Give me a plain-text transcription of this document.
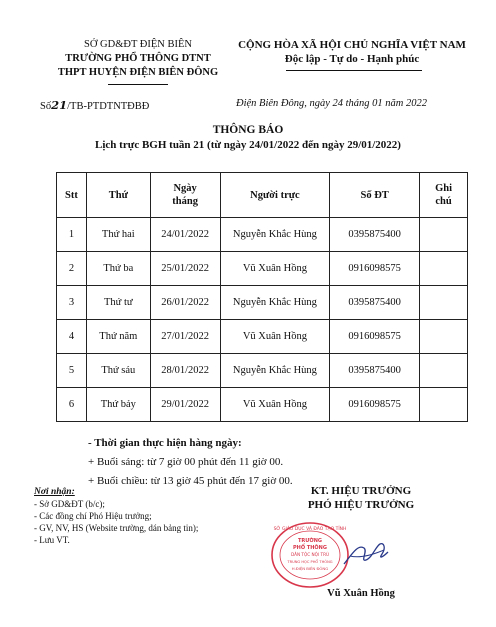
SỞ GD&ĐT ĐIỆN BIÊN
TRƯỜNG PHỔ THÔNG DTNT
THPT HUYỆN ĐIỆN BIÊN ĐÔNG
CỘNG HÒA XÃ HỘI CHỦ NGHĨA VIỆT NAM
Độc lập - Tự do - Hạnh phúc
Số21/TB-PTDTNTĐBĐ	Điện Biên Đông, ngày 24 tháng 01 năm 2022
THÔNG BÁO
Lịch trực BGH tuần 21 (từ ngày 24/01/2022 đến ngày 29/01/2022)
Stt	Thứ	Ngày tháng	Người trực	Số ĐT	Ghi chú
1	Thứ hai	24/01/2022	Nguyễn Khắc Hùng	0395875400	
2	Thứ ba	25/01/2022	Vũ Xuân Hồng	0916098575	
3	Thứ tư	26/01/2022	Nguyễn Khắc Hùng	0395875400	
4	Thứ năm	27/01/2022	Vũ Xuân Hồng	0916098575	
5	Thứ sáu	28/01/2022	Nguyễn Khắc Hùng	0395875400	
6	Thứ bảy	29/01/2022	Vũ Xuân Hồng	0916098575	
- Thời gian thực hiện hàng ngày:
+ Buổi sáng: từ 7 giờ 00 phút đến 11 giờ 00.
+ Buổi chiều: từ 13 giờ 45 phút đến 17 giờ 00.
Nơi nhận:
- Sở GD&ĐT (b/c);
- Các đồng chí Phó Hiệu trưởng;
- GV, NV, HS (Website trường, dán bảng tin);
- Lưu VT.
KT. HIỆU TRƯỞNG
PHÓ HIỆU TRƯỞNG
SỞ GIÁO DỤC VÀ ĐÀO TẠO TỈNH
TRƯỜNG
PHỔ THÔNG
DÂN TỘC NỘI TRÚ
TRUNG HỌC PHỔ THÔNG
H.ĐIỆN BIÊN ĐÔNG
Vũ Xuân Hồng
